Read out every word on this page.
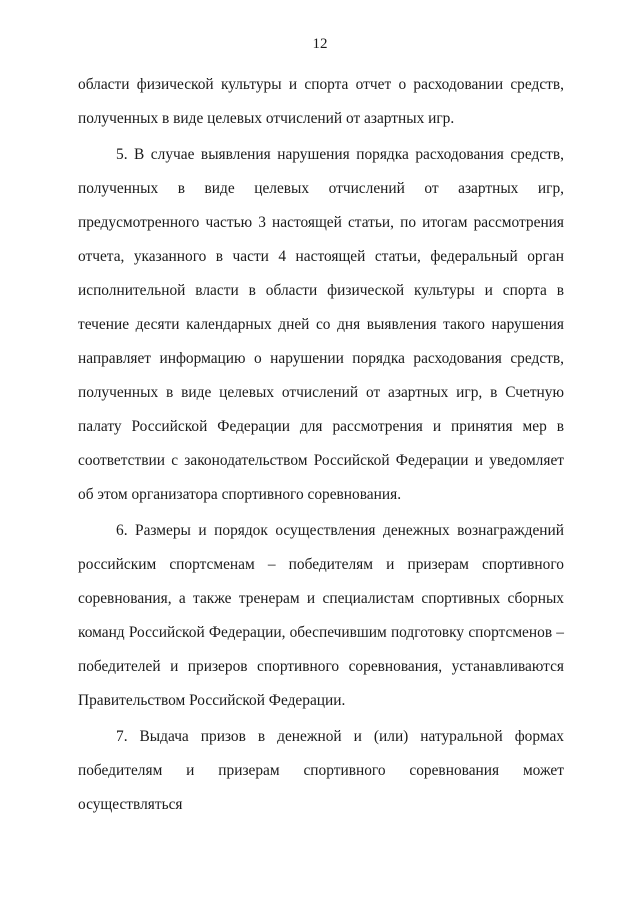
12

области физической культуры и спорта отчет о расходовании средств, полученных в виде целевых отчислений от азартных игр.

5. В случае выявления нарушения порядка расходования средств, полученных в виде целевых отчислений от азартных игр, предусмотренного частью 3 настоящей статьи, по итогам рассмотрения отчета, указанного в части 4 настоящей статьи, федеральный орган исполнительной власти в области физической культуры и спорта в течение десяти календарных дней со дня выявления такого нарушения направляет информацию о нарушении порядка расходования средств, полученных в виде целевых отчислений от азартных игр, в Счетную палату Российской Федерации для рассмотрения и принятия мер в соответствии с законодательством Российской Федерации и уведомляет об этом организатора спортивного соревнования.

6. Размеры и порядок осуществления денежных вознаграждений российским спортсменам – победителям и призерам спортивного соревнования, а также тренерам и специалистам спортивных сборных команд Российской Федерации, обеспечившим подготовку спортсменов – победителей и призеров спортивного соревнования, устанавливаются Правительством Российской Федерации.

7. Выдача призов в денежной и (или) натуральной формах победителям и призерам спортивного соревнования может осуществляться
